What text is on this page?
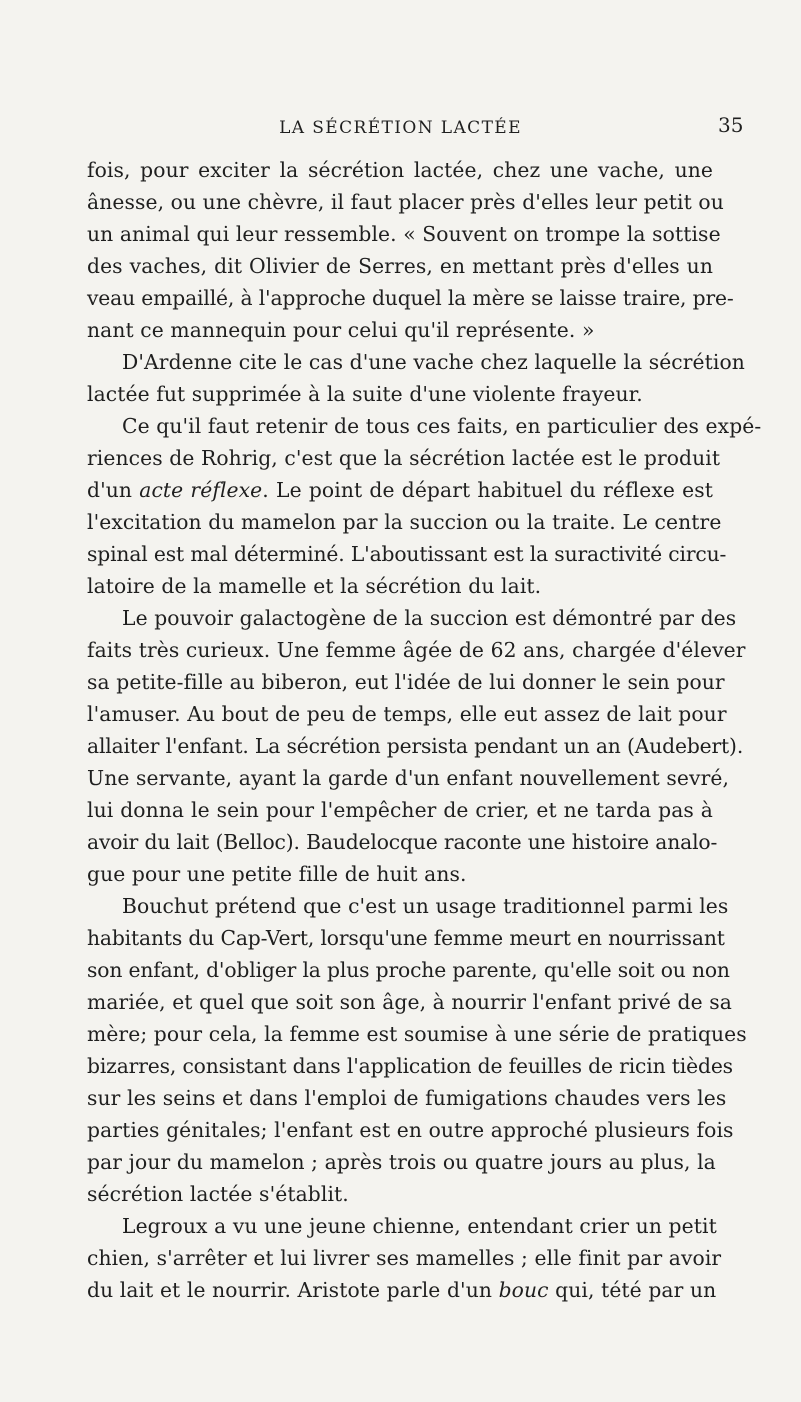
LA SÉCRÉTION LACTÉE	35
fois, pour exciter la sécrétion lactée, chez une vache, une
ânesse, ou une chèvre, il faut placer près d'elles leur petit ou
un animal qui leur ressemble. « Souvent on trompe la sottise
des vaches, dit Olivier de Serres, en mettant près d'elles un
veau empaillé, à l'approche duquel la mère se laisse traire, pre-
nant ce mannequin pour celui qu'il représente. »
D'Ardenne cite le cas d'une vache chez laquelle la sécrétion
lactée fut supprimée à la suite d'une violente frayeur.
Ce qu'il faut retenir de tous ces faits, en particulier des expé-
riences de Rohrig, c'est que la sécrétion lactée est le produit
d'un acte réflexe. Le point de départ habituel du réflexe est
l'excitation du mamelon par la succion ou la traite. Le centre
spinal est mal déterminé. L'aboutissant est la suractivité circu-
latoire de la mamelle et la sécrétion du lait.
Le pouvoir galactogène de la succion est démontré par des
faits très curieux. Une femme âgée de 62 ans, chargée d'élever
sa petite-fille au biberon, eut l'idée de lui donner le sein pour
l'amuser. Au bout de peu de temps, elle eut assez de lait pour
allaiter l'enfant. La sécrétion persista pendant un an (Audebert).
Une servante, ayant la garde d'un enfant nouvellement sevré,
lui donna le sein pour l'empêcher de crier, et ne tarda pas à
avoir du lait (Belloc). Baudelocque raconte une histoire analo-
gue pour une petite fille de huit ans.
Bouchut prétend que c'est un usage traditionnel parmi les
habitants du Cap-Vert, lorsqu'une femme meurt en nourrissant
son enfant, d'obliger la plus proche parente, qu'elle soit ou non
mariée, et quel que soit son âge, à nourrir l'enfant privé de sa
mère; pour cela, la femme est soumise à une série de pratiques
bizarres, consistant dans l'application de feuilles de ricin tièdes
sur les seins et dans l'emploi de fumigations chaudes vers les
parties génitales; l'enfant est en outre approché plusieurs fois
par jour du mamelon ; après trois ou quatre jours au plus, la
sécrétion lactée s'établit.
Legroux a vu une jeune chienne, entendant crier un petit
chien, s'arrêter et lui livrer ses mamelles ; elle finit par avoir
du lait et le nourrir. Aristote parle d'un bouc qui, tété par un
